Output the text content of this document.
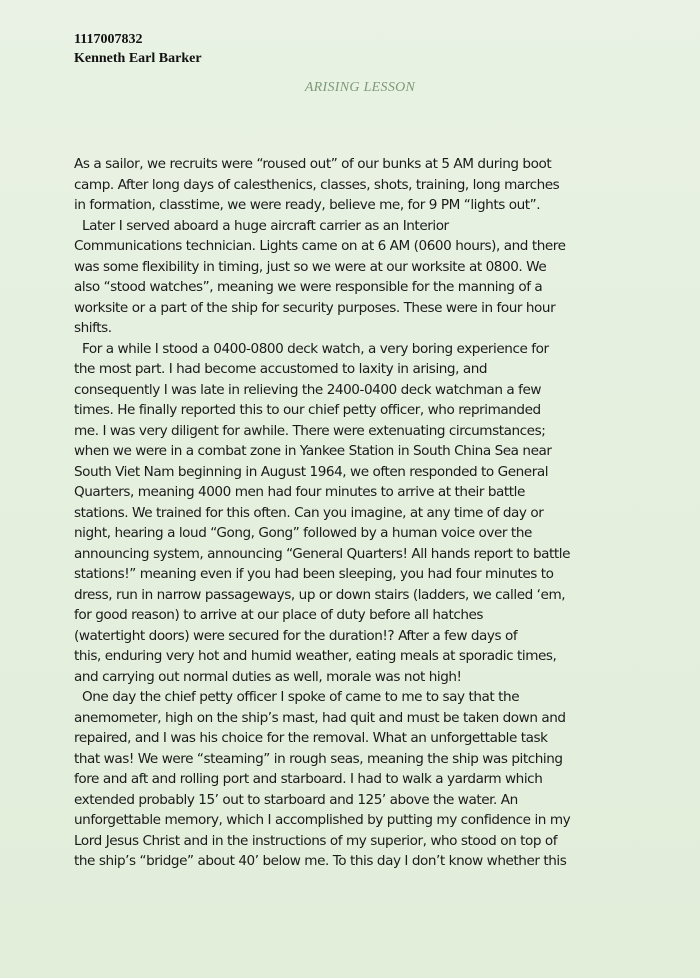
1117007832
Kenneth Earl Barker
ARISING LESSON
As a sailor, we recruits were “roused out” of our bunks at 5 AM during boot
camp. After long days of calesthenics, classes, shots, training, long marches
in formation, classtime, we were ready, believe me, for 9 PM “lights out”.
Later I served aboard a huge aircraft carrier as an Interior
Communications technician. Lights came on at 6 AM (0600 hours), and there
was some flexibility in timing, just so we were at our worksite at 0800. We
also “stood watches”, meaning we were responsible for the manning of a
worksite or a part of the ship for security purposes. These were in four hour
shifts.
For a while I stood a 0400-0800 deck watch, a very boring experience for
the most part. I had become accustomed to laxity in arising, and
consequently I was late in relieving the 2400-0400 deck watchman a few
times. He finally reported this to our chief petty officer, who reprimanded
me. I was very diligent for awhile. There were extenuating circumstances;
when we were in a combat zone in Yankee Station in South China Sea near
South Viet Nam beginning in August 1964, we often responded to General
Quarters, meaning 4000 men had four minutes to arrive at their battle
stations. We trained for this often. Can you imagine, at any time of day or
night, hearing a loud “Gong, Gong” followed by a human voice over the
announcing system, announcing “General Quarters! All hands report to battle
stations!” meaning even if you had been sleeping, you had four minutes to
dress, run in narrow passageways, up or down stairs (ladders, we called ‘em,
for good reason) to arrive at our place of duty before all hatches
(watertight doors) were secured for the duration!? After a few days of
this, enduring very hot and humid weather, eating meals at sporadic times,
and carrying out normal duties as well, morale was not high!
One day the chief petty officer I spoke of came to me to say that the
anemometer, high on the ship’s mast, had quit and must be taken down and
repaired, and I was his choice for the removal. What an unforgettable task
that was! We were “steaming” in rough seas, meaning the ship was pitching
fore and aft and rolling port and starboard. I had to walk a yardarm which
extended probably 15’ out to starboard and 125’ above the water. An
unforgettable memory, which I accomplished by putting my confidence in my
Lord Jesus Christ and in the instructions of my superior, who stood on top of
the ship’s “bridge” about 40’ below me. To this day I don’t know whether this
